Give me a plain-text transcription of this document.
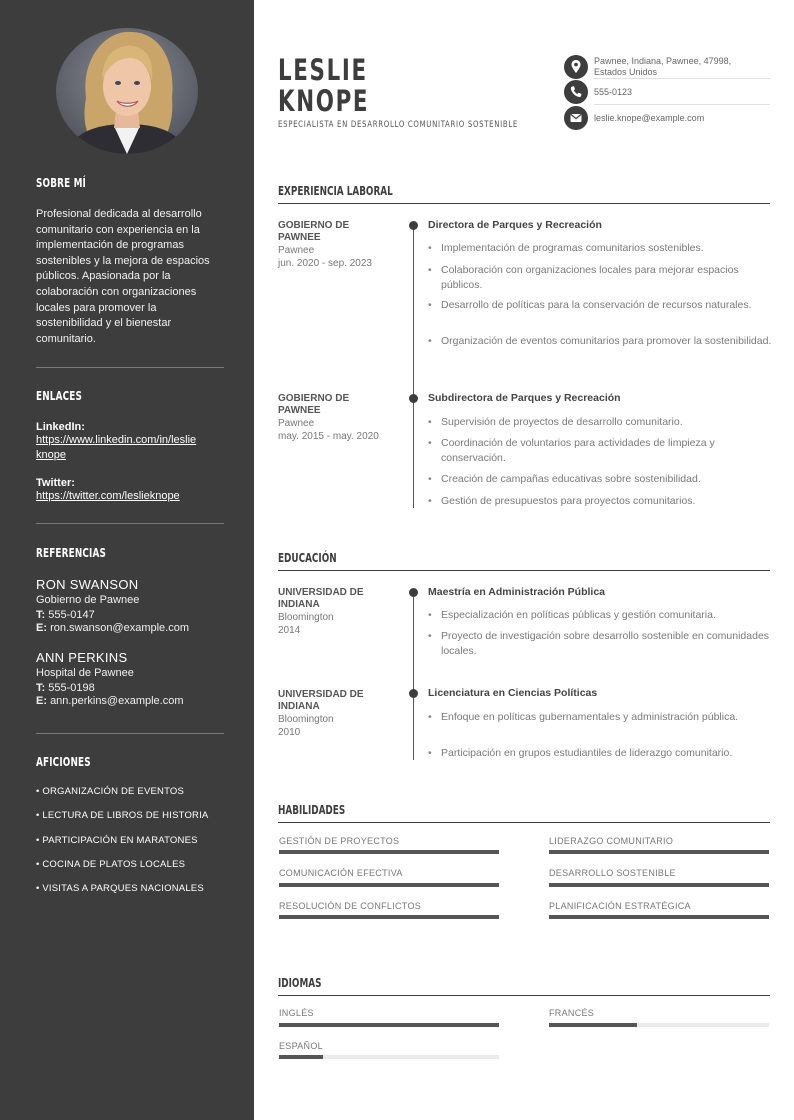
SOBRE MÍ
Profesional dedicada al desarrollo comunitario con experiencia en la implementación de programas sostenibles y la mejora de espacios públicos. Apasionada por la colaboración con organizaciones locales para promover la sostenibilidad y el bienestar comunitario.
ENLACES
LinkedIn:
https://www.linkedin.com/in/leslie
knope
Twitter:
https://twitter.com/leslieknope
REFERENCIAS
RON SWANSON
Gobierno de Pawnee
T: 555-0147
E: ron.swanson@example.com
ANN PERKINS
Hospital de Pawnee
T: 555-0198
E: ann.perkins@example.com
AFICIONES
• ORGANIZACIÓN DE EVENTOS
• LECTURA DE LIBROS DE HISTORIA
• PARTICIPACIÓN EN MARATONES
• COCINA DE PLATOS LOCALES
• VISITAS A PARQUES NACIONALES
LESLIE
KNOPE
ESPECIALISTA EN DESARROLLO COMUNITARIO SOSTENIBLE
Pawnee, Indiana, Pawnee, 47998,
Estados Unidos
555-0123
leslie.knope@example.com
EXPERIENCIA LABORAL
GOBIERNO DE
PAWNEE
Pawnee
jun. 2020 - sep. 2023
Directora de Parques y Recreación
• Implementación de programas comunitarios sostenibles.
• Colaboración con organizaciones locales para mejorar espacios públicos.
• Desarrollo de políticas para la conservación de recursos naturales.
• Organización de eventos comunitarios para promover la sostenibilidad.
GOBIERNO DE
PAWNEE
Pawnee
may. 2015 - may. 2020
Subdirectora de Parques y Recreación
• Supervisión de proyectos de desarrollo comunitario.
• Coordinación de voluntarios para actividades de limpieza y conservación.
• Creación de campañas educativas sobre sostenibilidad.
• Gestión de presupuestos para proyectos comunitarios.
EDUCACIÓN
UNIVERSIDAD DE
INDIANA
Bloomington
2014
Maestría en Administración Pública
• Especialización en políticas públicas y gestión comunitaria.
• Proyecto de investigación sobre desarrollo sostenible en comunidades locales.
UNIVERSIDAD DE
INDIANA
Bloomington
2010
Licenciatura en Ciencias Políticas
• Enfoque en políticas gubernamentales y administración pública.
• Participación en grupos estudiantiles de liderazgo comunitario.
HABILIDADES
GESTIÓN DE PROYECTOS	LIDERAZGO COMUNITARIO
COMUNICACIÓN EFECTIVA	DESARROLLO SOSTENIBLE
RESOLUCIÓN DE CONFLICTOS	PLANIFICACIÓN ESTRATÉGICA
IDIOMAS
INGLÉS	FRANCÉS
ESPAÑOL
